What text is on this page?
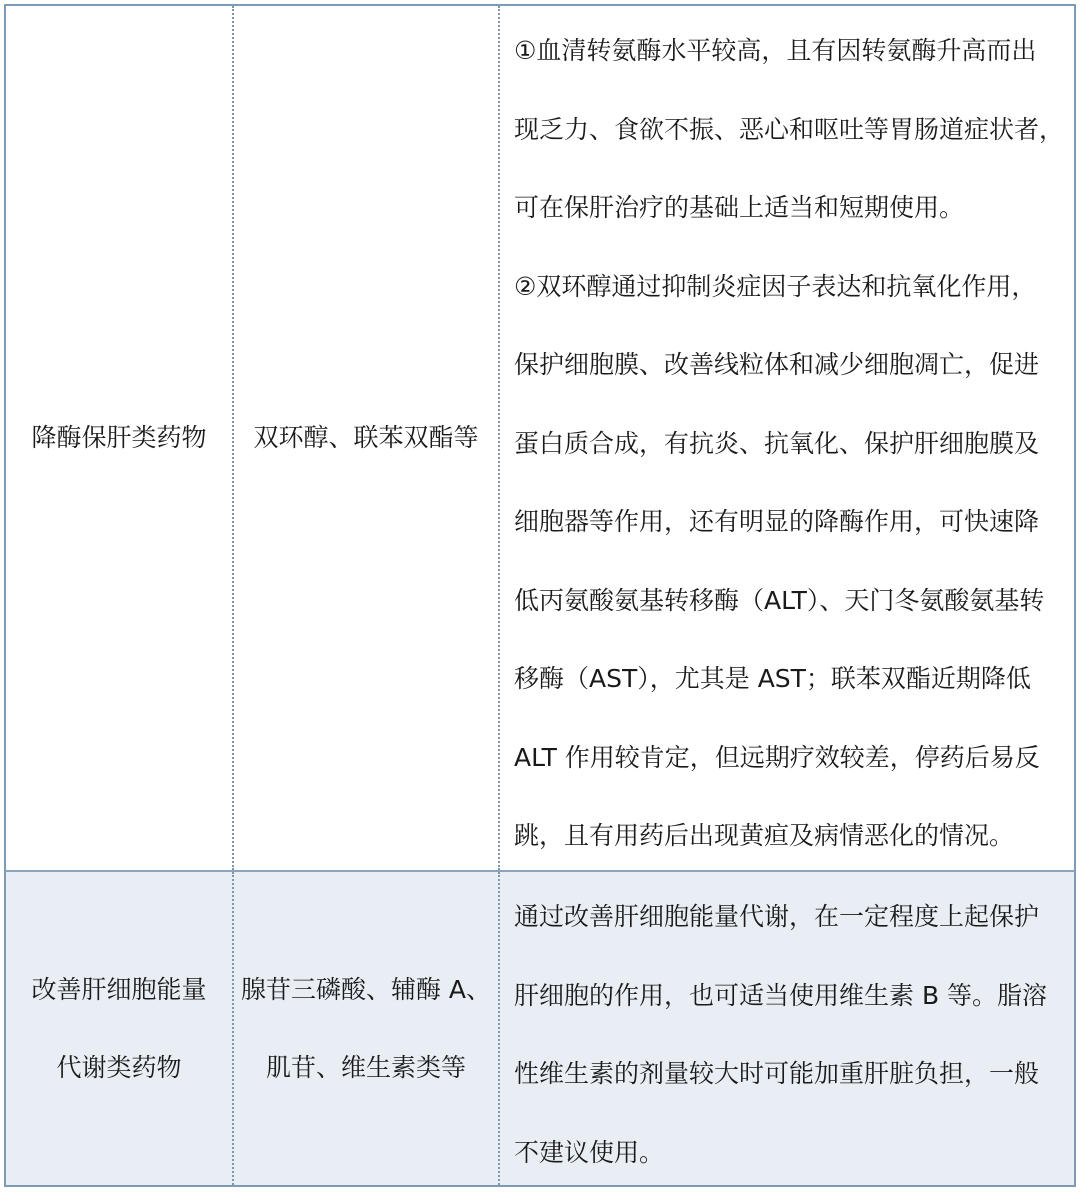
降酶保肝类药物 双环醇、联苯双酯等
①血清转氨酶水平较高，且有因转氨酶升高而出
现乏力、食欲不振、恶心和呕吐等胃肠道症状者，
可在保肝治疗的基础上适当和短期使用。
②双环醇通过抑制炎症因子表达和抗氧化作用，
保护细胞膜、改善线粒体和减少细胞凋亡，促进
蛋白质合成，有抗炎、抗氧化、保护肝细胞膜及
细胞器等作用，还有明显的降酶作用，可快速降
低丙氨酸氨基转移酶（ALT）、天门冬氨酸氨基转
移酶（AST），尤其是 AST；联苯双酯近期降低
ALT 作用较肯定，但远期疗效较差，停药后易反
跳，且有用药后出现黄疸及病情恶化的情况。
改善肝细胞能量
代谢类药物
腺苷三磷酸、辅酶 A、
肌苷、维生素类等
通过改善肝细胞能量代谢，在一定程度上起保护
肝细胞的作用，也可适当使用维生素 B 等。脂溶
性维生素的剂量较大时可能加重肝脏负担，一般
不建议使用。
